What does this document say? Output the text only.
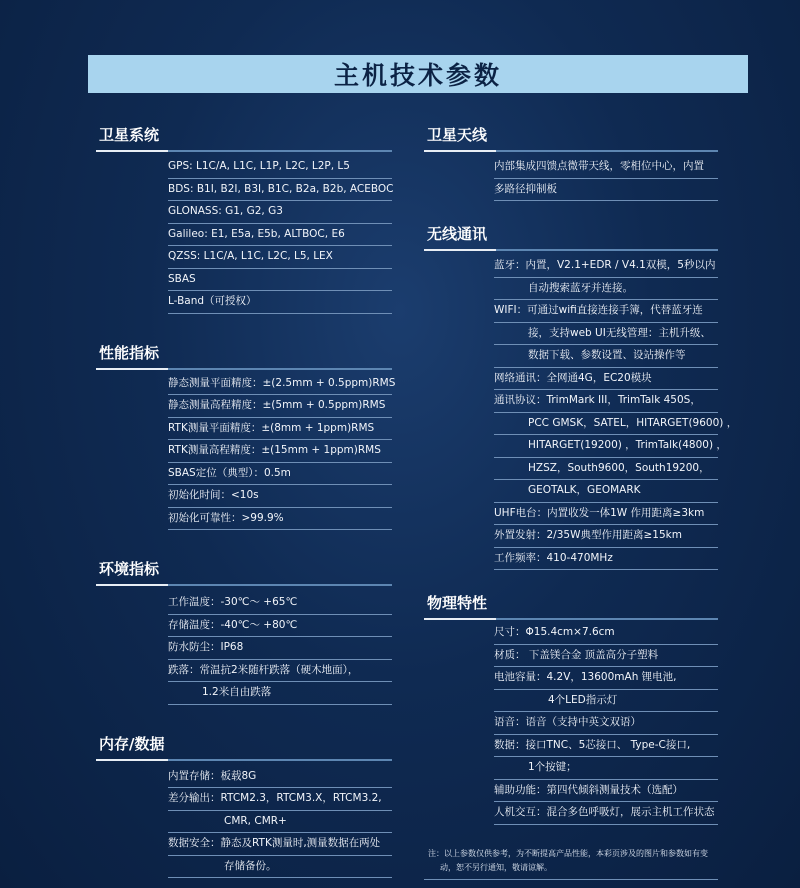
主机技术参数
卫星系统
GPS: L1C/A, L1C, L1P, L2C, L2P, L5
BDS: B1I, B2I, B3I, B1C, B2a, B2b, ACEBOC
GLONASS: G1, G2, G3
Galileo: E1, E5a, E5b, ALTBOC, E6
QZSS: L1C/A, L1C, L2C, L5, LEX
SBAS
L-Band（可授权）
性能指标
静态测量平面精度：±(2.5mm + 0.5ppm)RMS
静态测量高程精度：±(5mm + 0.5ppm)RMS
RTK测量平面精度：±(8mm + 1ppm)RMS
RTK测量高程精度：±(15mm + 1ppm)RMS
SBAS定位（典型）：0.5m
初始化时间：<10s
初始化可靠性：>99.9%
环境指标
工作温度：-30℃～ +65℃
存储温度：-40℃～ +80℃
防水防尘：IP68
跌落：常温抗2米随杆跌落（硬木地面），
1.2米自由跌落
内存/数据
内置存储：板载8G
差分输出：RTCM2.3，RTCM3.X，RTCM3.2,
CMR, CMR+
数据安全：静态及RTK测量时,测量数据在两处
存储备份。
卫星天线
内部集成四馈点微带天线，零相位中心，内置
多路径抑制板
无线通讯
蓝牙：内置，V2.1+EDR / V4.1双模，5秒以内
自动搜索蓝牙并连接。
WIFI：可通过wifi直接连接手簿，代替蓝牙连
接，支持web UI无线管理：主机升级、
数据下载、参数设置、设站操作等
网络通讯：全网通4G，EC20模块
通讯协议：TrimMark III，TrimTalk 450S，
PCC GMSK，SATEL，HITARGET(9600) ，
HITARGET(19200) ，TrimTalk(4800) ，
HZSZ，South9600，South19200，
GEOTALK，GEOMARK
UHF电台：内置收发一体1W 作用距离≥3km
外置发射：2/35W典型作用距离≥15km
工作频率：410-470MHz
物理特性
尺寸：Φ15.4cm×7.6cm
材质： 下盖镁合金 顶盖高分子塑料
电池容量：4.2V，13600mAh 锂电池,
4个LED指示灯
语音：语音（支持中英文双语）
数据：接口TNC、5芯接口、 Type-C接口,
1个按键；
辅助功能：第四代倾斜测量技术（选配）
人机交互：混合多色呼吸灯，展示主机工作状态
注：以上参数仅供参考，为不断提高产品性能，本彩页涉及的图片和参数如有变
动，恕不另行通知，敬请谅解。
